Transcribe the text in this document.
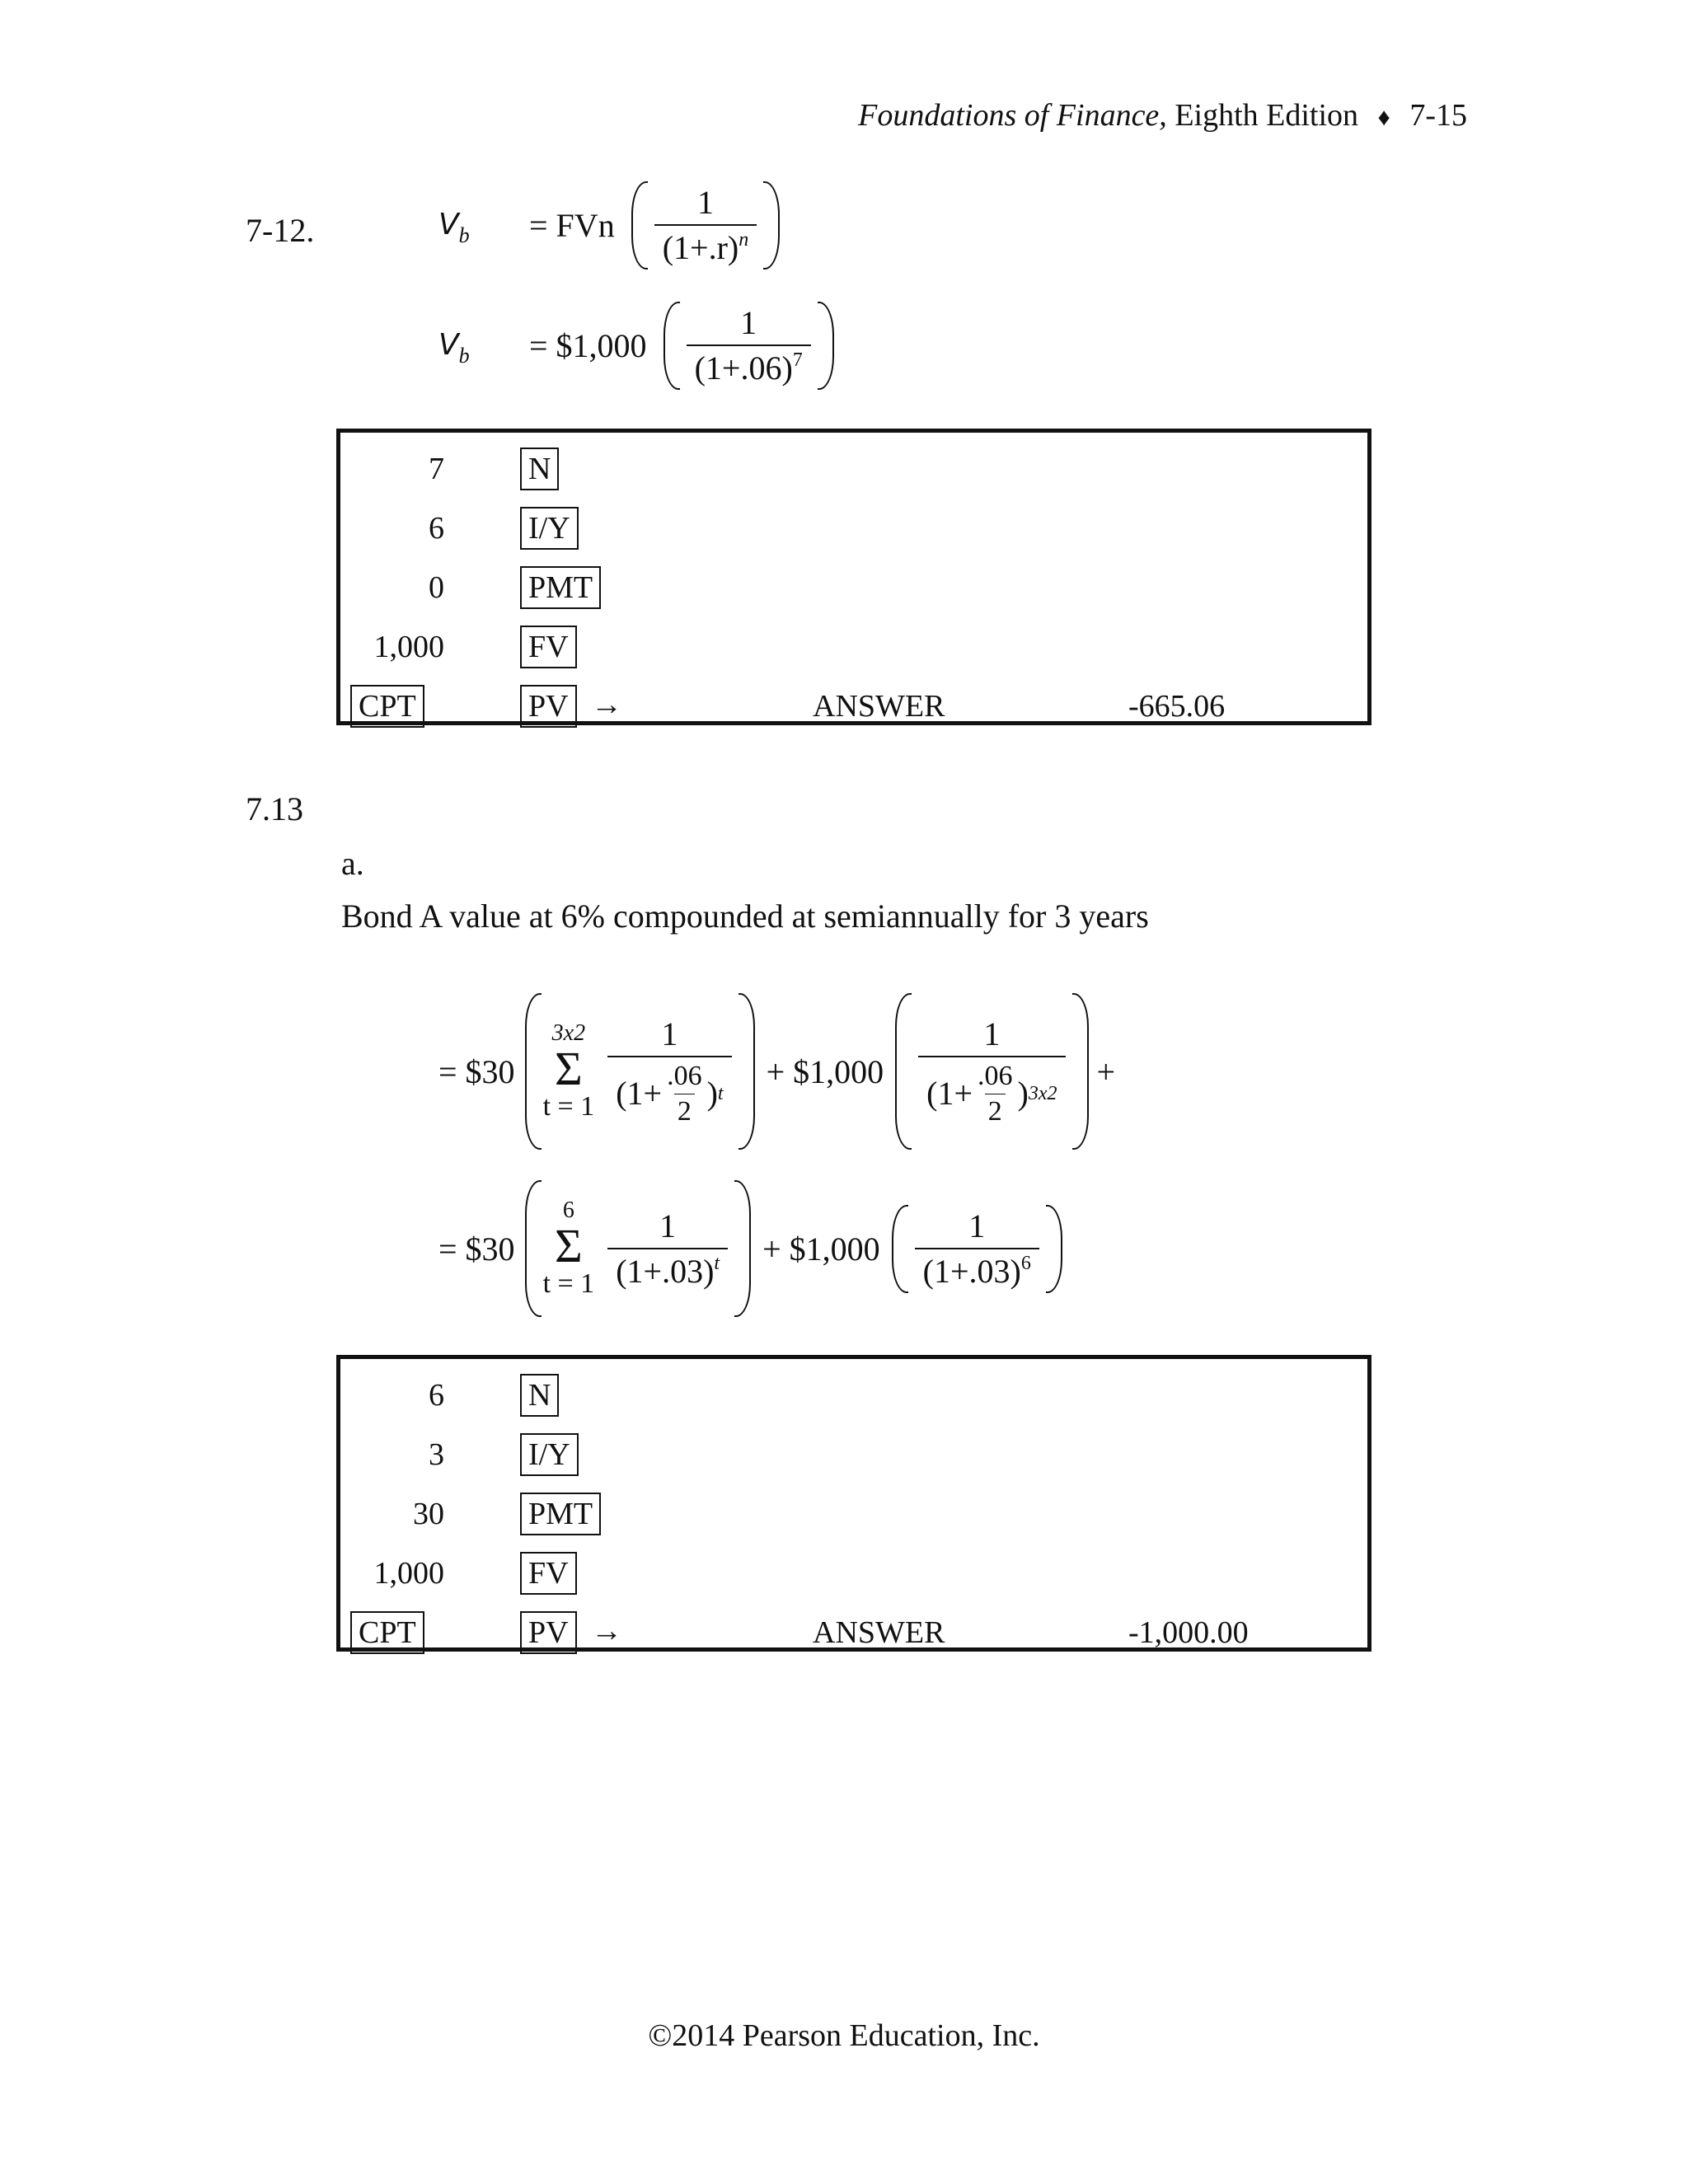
Foundations of Finance, Eighth Edition ♦ 7-15
7-12.	$V_b$	= FVn $\frac{1}{(1+.r)^n}$
$V_b$	= $1,000 $\frac{1}{(1+.06)^7}$
7	N
6	I/Y
0	PMT
1,000	FV
CPT	PV →	ANSWER	-665.06
7.13
a.
Bond A value at 6% compounded at semiannually for 3 years
= $30
3x2
Σ
t = 1
1
($1+ \frac{.06}{2}$ ) t
+ $1,000
1
($1+ \frac{.06}{2}$ ) 3x2
+
= $30
6
Σ
$t = 1 \frac{1}{(1+.03)^t}$ + $1,000 $\frac{1}{(1+.03)^6}$
6	N
3	I/Y
30	PMT
1,000	FV
CPT	PV →	ANSWER	-1,000.00
©2014 Pearson Education, Inc.
